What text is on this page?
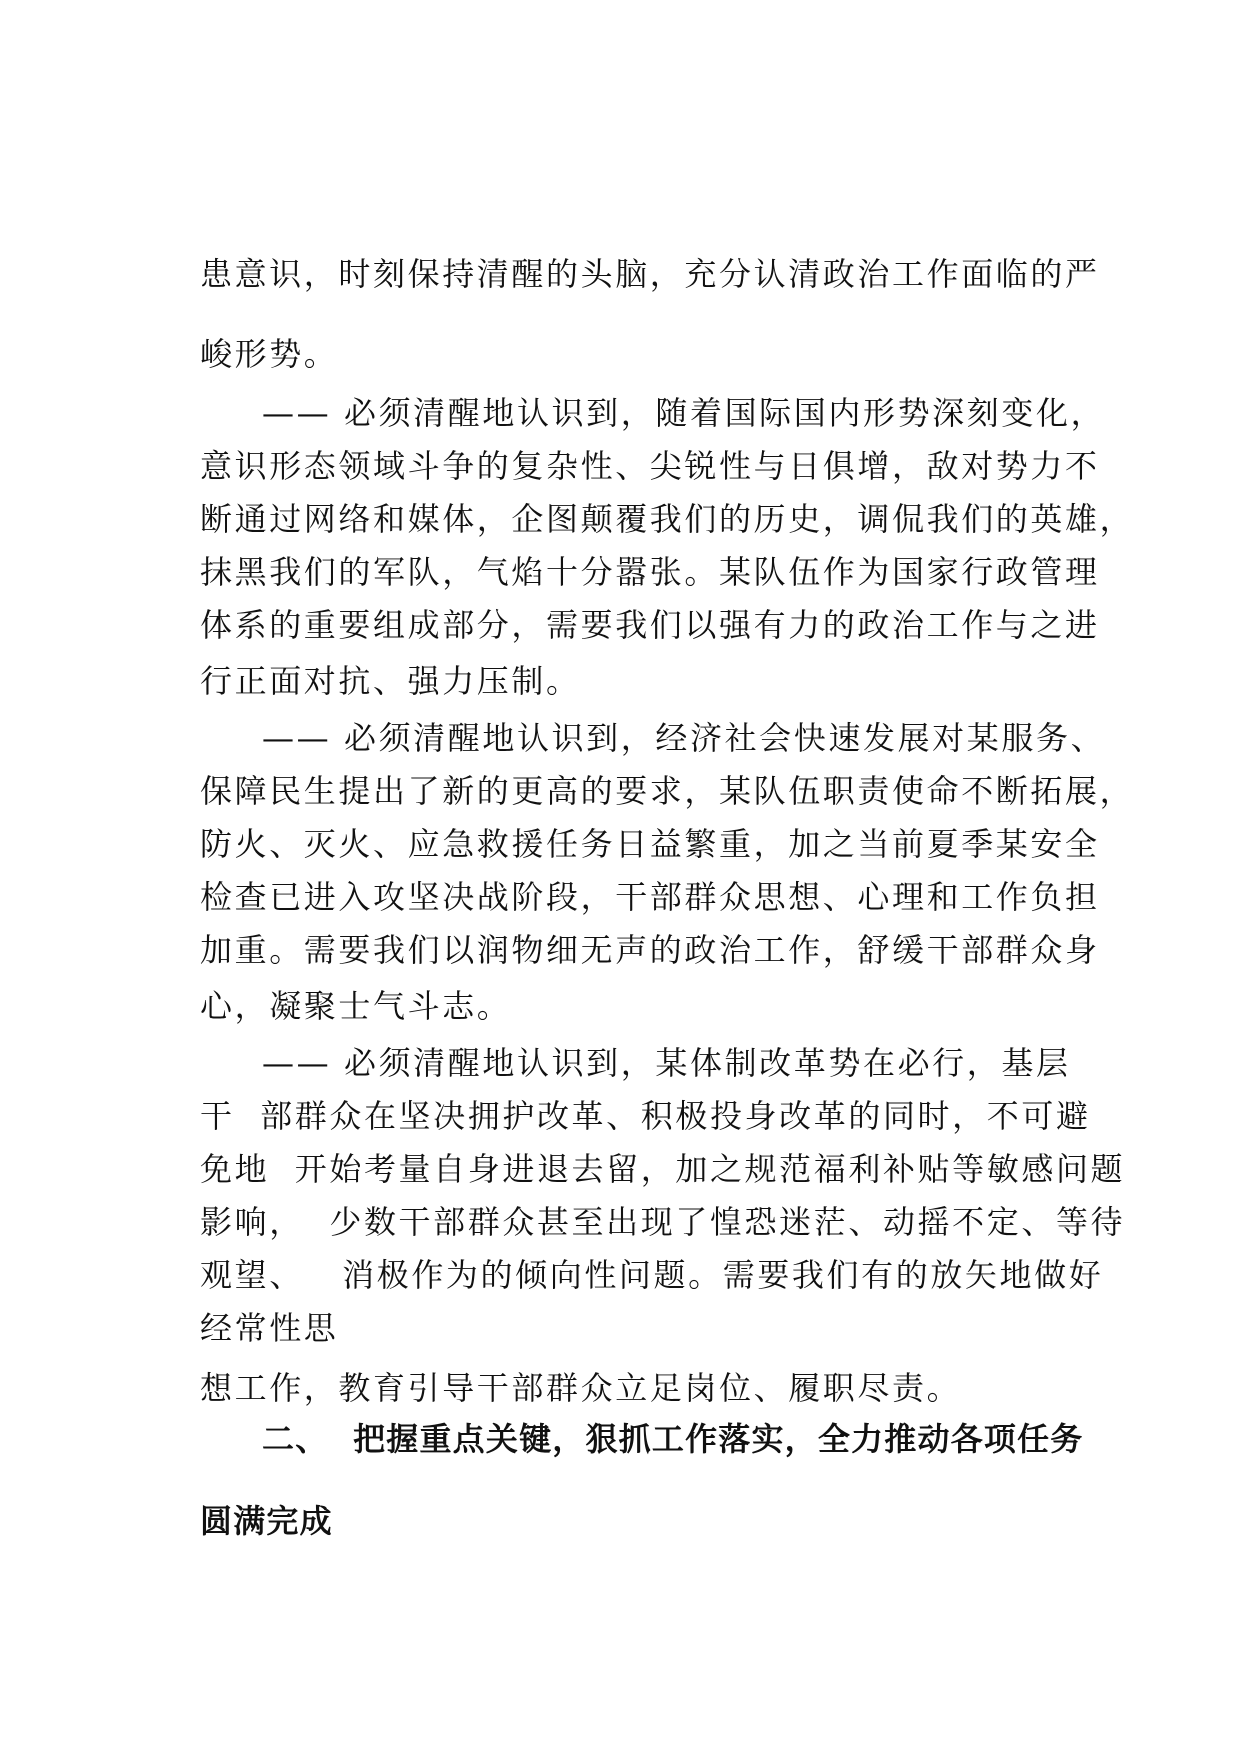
患意识，时刻保持清醒的头脑，充分认清政治工作面临的严
峻形势。
—— 必须清醒地认识到，随着国际国内形势深刻变化，
意识形态领域斗争的复杂性、尖锐性与日俱增，敌对势力不
断通过网络和媒体，企图颠覆我们的历史，调侃我们的英雄，
抹黑我们的军队，气焰十分嚣张。某队伍作为国家行政管理
体系的重要组成部分，需要我们以强有力的政治工作与之进
行正面对抗、强力压制。
—— 必须清醒地认识到，经济社会快速发展对某服务、
保障民生提出了新的更高的要求，某队伍职责使命不断拓展，
防火、灭火、应急救援任务日益繁重，加之当前夏季某安全
检查已进入攻坚决战阶段，干部群众思想、心理和工作负担
加重。需要我们以润物细无声的政治工作，舒缓干部群众身
心，凝聚士气斗志。
—— 必须清醒地认识到，某体制改革势在必行，基层
干  部群众在坚决拥护改革、积极投身改革的同时，不可避
免地  开始考量自身进退去留，加之规范福利补贴等敏感问题
影响，  少数干部群众甚至出现了惶恐迷茫、动摇不定、等待
观望、   消极作为的倾向性问题。需要我们有的放矢地做好
经常性思
想工作，教育引导干部群众立足岗位、履职尽责。
二、  把握重点关键，狠抓工作落实，全力推动各项任务
圆满完成
